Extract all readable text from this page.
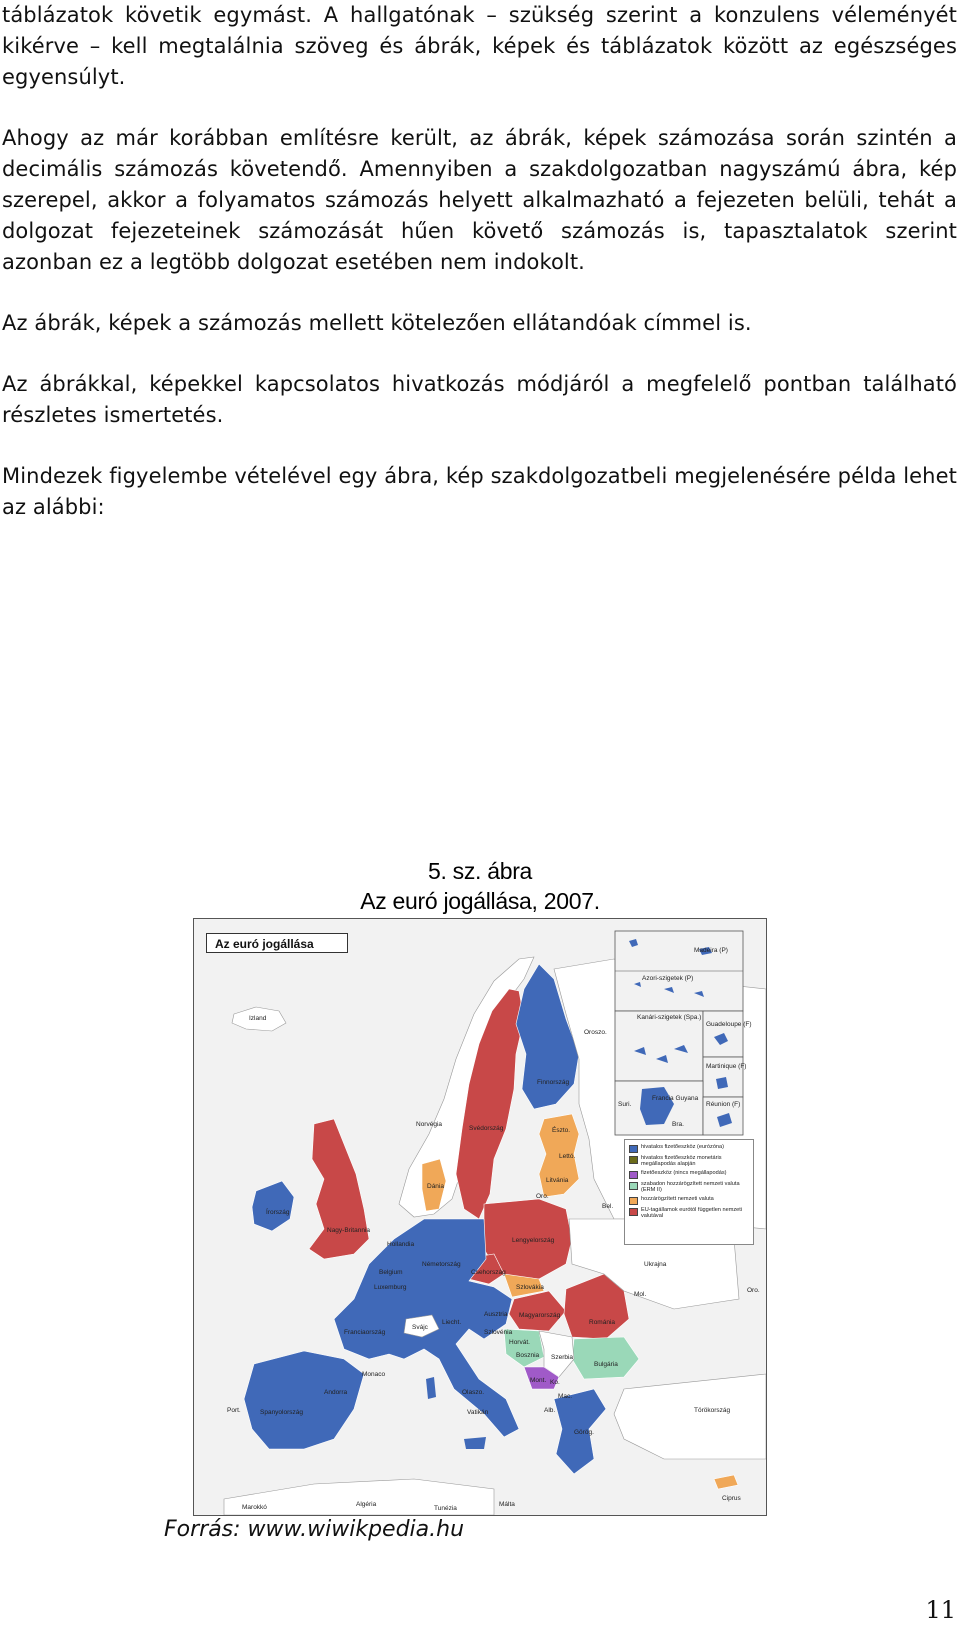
táblázatok követik egymást. A hallgatónak – szükség szerint a konzulens véleményét kikérve – kell megtalálnia szöveg és ábrák, képek és táblázatok között az egészséges egyensúlyt.

Ahogy az már korábban említésre került, az ábrák, képek számozása során szintén a decimális számozás követendő. Amennyiben a szakdolgozatban nagyszámú ábra, kép szerepel, akkor a folyamatos számozás helyett alkalmazható a fejezeten belüli, tehát a dolgozat fejezeteinek számozását hűen követő számozás is, tapasztalatok szerint azonban ez a legtöbb dolgozat esetében nem indokolt.

Az ábrák, képek a számozás mellett kötelezően ellátandóak címmel is.

Az ábrákkal, képekkel kapcsolatos hivatkozás módjáról a megfelelő pontban található részletes ismertetés.

Mindezek figyelembe vételével egy ábra, kép szakdolgozatbeli megjelenésére példa lehet az alábbi:

5. sz. ábra
Az euró jogállása, 2007.
Az euró jogállása
hivatalos fizetőeszköz (eurózóna)
hivatalos fizetőeszköz monetáris megállapodás alapján
fizetőeszköz (nincs megállapodás)
szabadon hozzárögzített nemzeti valuta (ERM II)
hozzárögzített nemzeti valuta
EU-tagállamok eurótól független nemzeti valutával
Izland
Norvégia
Svédország
Finnország
Oroszo.
Észto.
Lettó.
Litvánia
Oro.
Bel.
Írország
Nagy-Britannia
Dánia
Hollandia
Belgium
Luxemburg
Németország
Lengyelország
Csehország
Szlovákia
Ukrajna
Mol.
Oro.
Franciaország
Svájc
Liecht.
Ausztria Magyarország
Románia
Szlovénia
Horvát.
Bosznia Szerbia
Mont. Ko.
Bulgária
Mac.
Alb.
Görög.
Monaco
Andorra	Olaszo.
Vatikán
Spanyolország
Port.	Törökország
Ciprus
Marokkó	Algéria
Tunézia
Málta
Madeira (P)
Azori-szigetek (P)
Kanári-szigetek (Spa.)
Guadeloupe (F)
Martinique (F)
Réunion (F)
Francia Guyana
Suri.
Bra.
Forrás: www.wiwikpedia.hu
11
